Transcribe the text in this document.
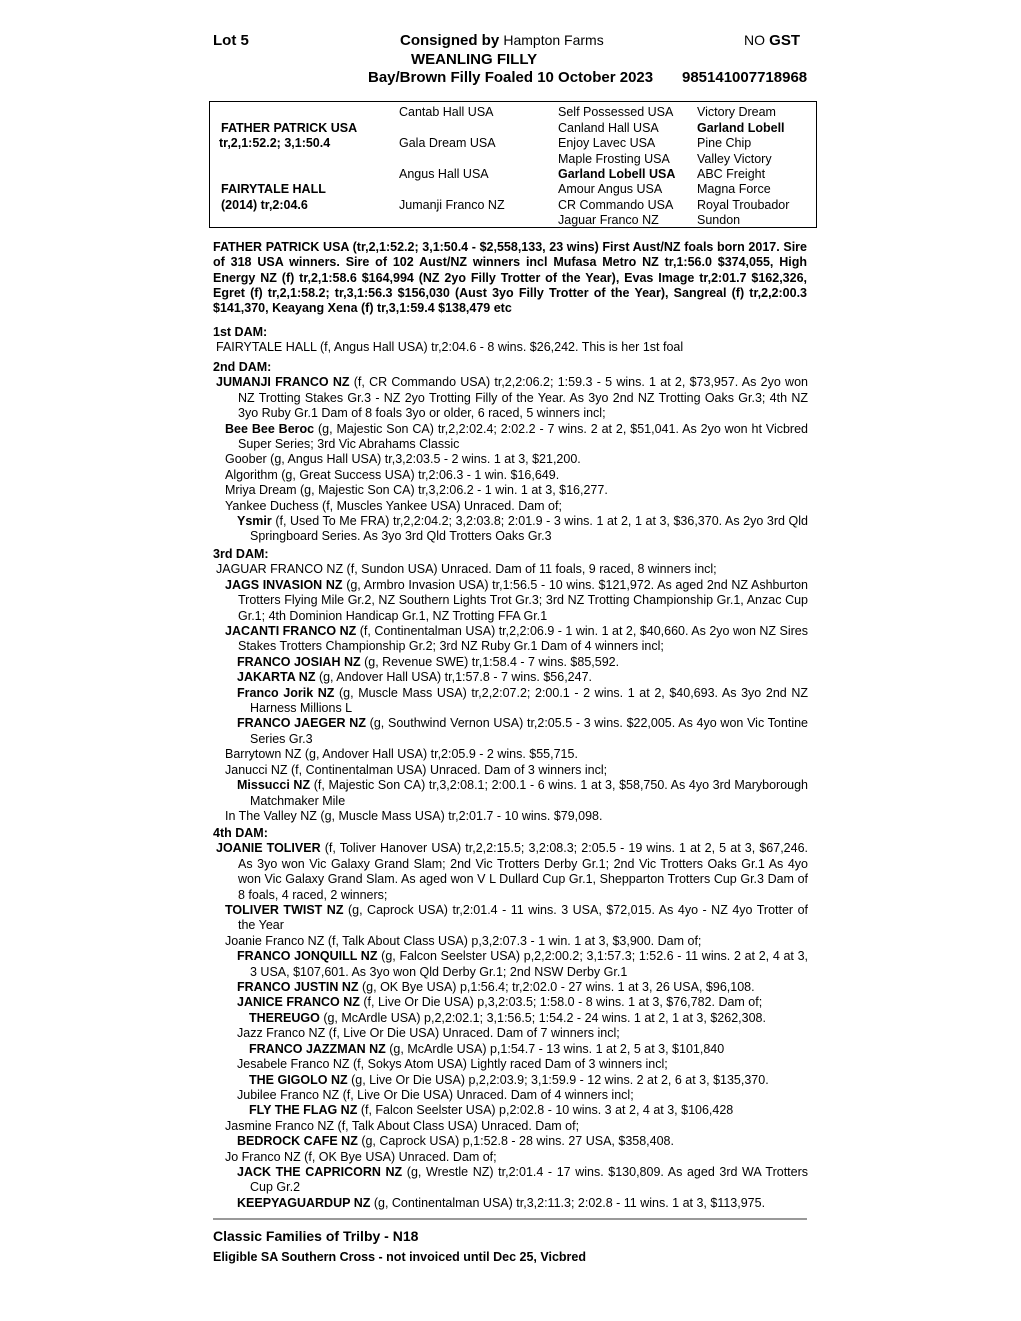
Lot 5	Consigned by Hampton Farms	NO GST
WEANLING FILLY
Bay/Brown Filly Foaled 10 October 2023 985141007718968
FATHER PATRICK USA
tr,2,1:52.2; 3,1:50.4
FAIRYTALE HALL
(2014) tr,2:04.6
Cantab Hall USA
Gala Dream USA
Angus Hall USA
Jumanji Franco NZ
Self Possessed USA
Canland Hall USA
Enjoy Lavec USA
Maple Frosting USA
Garland Lobell USA
Amour Angus USA
CR Commando USA
Jaguar Franco NZ
Victory Dream
Garland Lobell
Pine Chip
Valley Victory
ABC Freight
Magna Force
Royal Troubador
Sundon
FATHER PATRICK USA (tr,2,1:52.2; 3,1:50.4 - $2,558,133, 23 wins) First Aust/NZ foals born 2017. Sire of 318 USA winners. Sire of 102 Aust/NZ winners incl Mufasa Metro NZ tr,1:56.0 $374,055, High Energy NZ (f) tr,2,1:58.6 $164,994 (NZ 2yo Filly Trotter of the Year), Evas Image tr,2:01.7 $162,326, Egret (f) tr,2,1:58.2; tr,3,1:56.3 $156,030 (Aust 3yo Filly Trotter of the Year), Sangreal (f) tr,2,2:00.3 $141,370, Keayang Xena (f) tr,3,1:59.4 $138,479 etc
1st DAM:
FAIRYTALE HALL (f, Angus Hall USA) tr,2:04.6 - 8 wins. $26,242. This is her 1st foal
2nd DAM:
JUMANJI FRANCO NZ (f, CR Commando USA) tr,2,2:06.2; 1:59.3 - 5 wins. 1 at 2, $73,957. As 2yo won NZ Trotting Stakes Gr.3 - NZ 2yo Trotting Filly of the Year. As 3yo 2nd NZ Trotting Oaks Gr.3; 4th NZ 3yo Ruby Gr.1 Dam of 8 foals 3yo or older, 6 raced, 5 winners incl;
Bee Bee Beroc (g, Majestic Son CA) tr,2,2:02.4; 2:02.2 - 7 wins. 2 at 2, $51,041. As 2yo won ht Vicbred Super Series; 3rd Vic Abrahams Classic
Goober (g, Angus Hall USA) tr,3,2:03.5 - 2 wins. 1 at 3, $21,200.
Algorithm (g, Great Success USA) tr,2:06.3 - 1 win. $16,649.
Mriya Dream (g, Majestic Son CA) tr,3,2:06.2 - 1 win. 1 at 3, $16,277.
Yankee Duchess (f, Muscles Yankee USA) Unraced. Dam of;
Ysmir (f, Used To Me FRA) tr,2,2:04.2; 3,2:03.8; 2:01.9 - 3 wins. 1 at 2, 1 at 3, $36,370. As 2yo 3rd Qld Springboard Series. As 3yo 3rd Qld Trotters Oaks Gr.3
3rd DAM:
JAGUAR FRANCO NZ (f, Sundon USA) Unraced. Dam of 11 foals, 9 raced, 8 winners incl;
JAGS INVASION NZ (g, Armbro Invasion USA) tr,1:56.5 - 10 wins. $121,972. As aged 2nd NZ Ashburton Trotters Flying Mile Gr.2, NZ Southern Lights Trot Gr.3; 3rd NZ Trotting Championship Gr.1, Anzac Cup Gr.1; 4th Dominion Handicap Gr.1, NZ Trotting FFA Gr.1
JACANTI FRANCO NZ (f, Continentalman USA) tr,2,2:06.9 - 1 win. 1 at 2, $40,660. As 2yo won NZ Sires Stakes Trotters Championship Gr.2; 3rd NZ Ruby Gr.1 Dam of 4 winners incl;
FRANCO JOSIAH NZ (g, Revenue SWE) tr,1:58.4 - 7 wins. $85,592.
JAKARTA NZ (g, Andover Hall USA) tr,1:57.8 - 7 wins. $56,247.
Franco Jorik NZ (g, Muscle Mass USA) tr,2,2:07.2; 2:00.1 - 2 wins. 1 at 2, $40,693. As 3yo 2nd NZ Harness Millions L
FRANCO JAEGER NZ (g, Southwind Vernon USA) tr,2:05.5 - 3 wins. $22,005. As 4yo won Vic Tontine Series Gr.3
Barrytown NZ (g, Andover Hall USA) tr,2:05.9 - 2 wins. $55,715.
Janucci NZ (f, Continentalman USA) Unraced. Dam of 3 winners incl;
Missucci NZ (f, Majestic Son CA) tr,3,2:08.1; 2:00.1 - 6 wins. 1 at 3, $58,750. As 4yo 3rd Maryborough Matchmaker Mile
In The Valley NZ (g, Muscle Mass USA) tr,2:01.7 - 10 wins. $79,098.
4th DAM:
JOANIE TOLIVER (f, Toliver Hanover USA) tr,2,2:15.5; 3,2:08.3; 2:05.5 - 19 wins. 1 at 2, 5 at 3, $67,246. As 3yo won Vic Galaxy Grand Slam; 2nd Vic Trotters Derby Gr.1; 2nd Vic Trotters Oaks Gr.1 As 4yo won Vic Galaxy Grand Slam. As aged won V L Dullard Cup Gr.1, Shepparton Trotters Cup Gr.3 Dam of 8 foals, 4 raced, 2 winners;
TOLIVER TWIST NZ (g, Caprock USA) tr,2:01.4 - 11 wins. 3 USA, $72,015. As 4yo - NZ 4yo Trotter of the Year
Joanie Franco NZ (f, Talk About Class USA) p,3,2:07.3 - 1 win. 1 at 3, $3,900. Dam of;
FRANCO JONQUILL NZ (g, Falcon Seelster USA) p,2,2:00.2; 3,1:57.3; 1:52.6 - 11 wins. 2 at 2, 4 at 3, 3 USA, $107,601. As 3yo won Qld Derby Gr.1; 2nd NSW Derby Gr.1
FRANCO JUSTIN NZ (g, OK Bye USA) p,1:56.4; tr,2:02.0 - 27 wins. 1 at 3, 26 USA, $96,108.
JANICE FRANCO NZ (f, Live Or Die USA) p,3,2:03.5; 1:58.0 - 8 wins. 1 at 3, $76,782. Dam of;
THEREUGO (g, McArdle USA) p,2,2:02.1; 3,1:56.5; 1:54.2 - 24 wins. 1 at 2, 1 at 3, $262,308.
Jazz Franco NZ (f, Live Or Die USA) Unraced. Dam of 7 winners incl;
FRANCO JAZZMAN NZ (g, McArdle USA) p,1:54.7 - 13 wins. 1 at 2, 5 at 3, $101,840
Jesabele Franco NZ (f, Sokys Atom USA) Lightly raced Dam of 3 winners incl;
THE GIGOLO NZ (g, Live Or Die USA) p,2,2:03.9; 3,1:59.9 - 12 wins. 2 at 2, 6 at 3, $135,370.
Jubilee Franco NZ (f, Live Or Die USA) Unraced. Dam of 4 winners incl;
FLY THE FLAG NZ (f, Falcon Seelster USA) p,2:02.8 - 10 wins. 3 at 2, 4 at 3, $106,428
Jasmine Franco NZ (f, Talk About Class USA) Unraced. Dam of;
BEDROCK CAFE NZ (g, Caprock USA) p,1:52.8 - 28 wins. 27 USA, $358,408.
Jo Franco NZ (f, OK Bye USA) Unraced. Dam of;
JACK THE CAPRICORN NZ (g, Wrestle NZ) tr,2:01.4 - 17 wins. $130,809. As aged 3rd WA Trotters Cup Gr.2
KEEPYAGUARDUP NZ (g, Continentalman USA) tr,3,2:11.3; 2:02.8 - 11 wins. 1 at 3, $113,975.
Classic Families of Trilby - N18
Eligible SA Southern Cross - not invoiced until Dec 25, Vicbred
